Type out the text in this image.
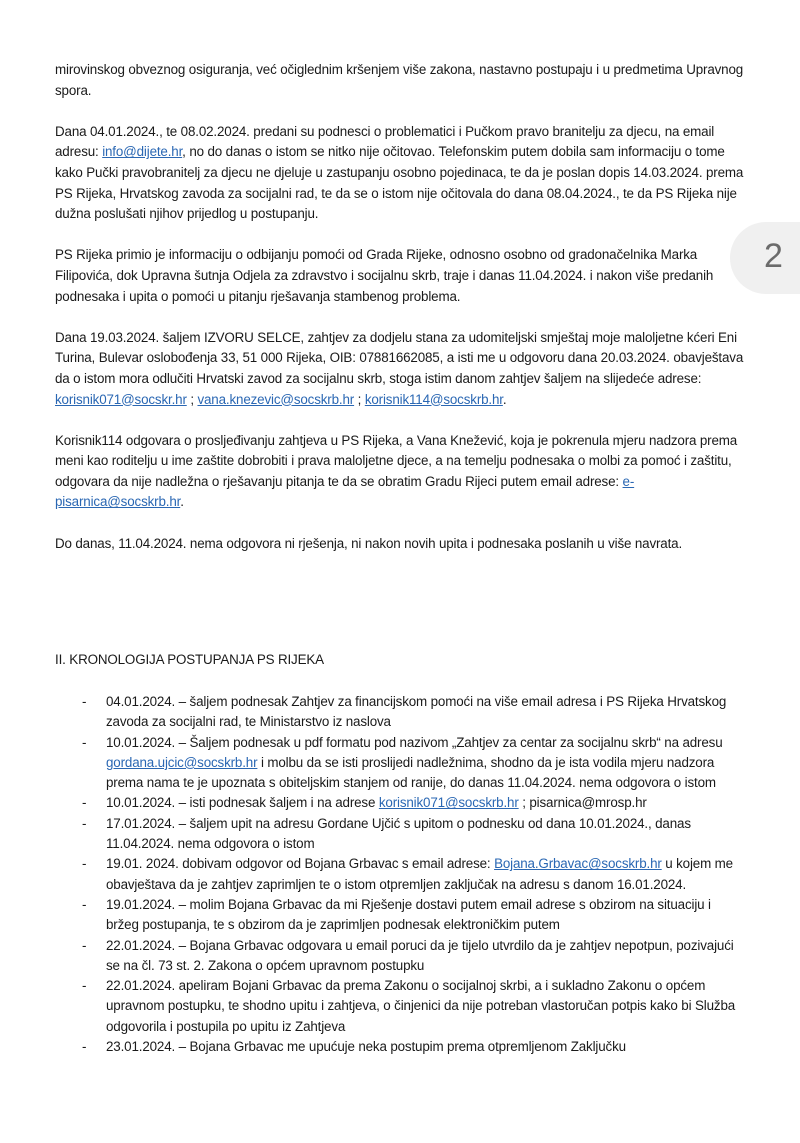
mirovinskog obveznog osiguranja, već očiglednim kršenjem više zakona, nastavno postupaju i u predmetima Upravnog spora.

Dana 04.01.2024., te 08.02.2024. predani su podnesci o problematici i Pučkom pravo branitelju za djecu, na email adresu: info@dijete.hr, no do danas o istom se nitko nije očitovao. Telefonskim putem dobila sam informaciju o tome kako Pučki pravobranitelj za djecu ne djeluje u zastupanju osobno pojedinaca, te da je poslan dopis 14.03.2024. prema PS Rijeka, Hrvatskog zavoda za socijalni rad, te da se o istom nije očitovala do dana 08.04.2024., te da PS Rijeka nije dužna poslušati njihov prijedlog u postupanju.

PS Rijeka primio je informaciju o odbijanju pomoći od Grada Rijeke, odnosno osobno od gradonačelnika Marka Filipovića, dok Upravna šutnja Odjela za zdravstvo i socijalnu skrb, traje i danas 11.04.2024. i nakon više predanih podnesaka i upita o pomoći u pitanju rješavanja stambenog problema.

Dana 19.03.2024. šaljem IZVORU SELCE, zahtjev za dodjelu stana za udomiteljski smještaj moje maloljetne kćeri Eni Turina, Bulevar oslobođenja 33, 51 000 Rijeka, OIB: 07881662085, a isti me u odgovoru dana 20.03.2024. obavještava da o istom mora odlučiti Hrvatski zavod za socijalnu skrb, stoga istim danom zahtjev šaljem na slijedeće adrese: korisnik071@socskr.hr ; vana.knezevic@socskrb.hr ; korisnik114@socskrb.hr.

Korisnik114 odgovara o prosljeđivanju zahtjeva u PS Rijeka, a Vana Knežević, koja je pokrenula mjeru nadzora prema meni kao roditelju u ime zaštite dobrobiti i prava maloljetne djece, a na temelju podnesaka o molbi za pomoć i zaštitu, odgovara da nije nadležna o rješavanju pitanja te da se obratim Gradu Rijeci putem email adrese: e-pisarnica@socskrb.hr.

Do danas, 11.04.2024. nema odgovora ni rješenja, ni nakon novih upita i podnesaka poslanih u više navrata.

II. KRONOLOGIJA POSTUPANJA PS RIJEKA
- 04.01.2024. – šaljem podnesak Zahtjev za financijskom pomoći na više email adresa i PS Rijeka Hrvatskog zavoda za socijalni rad, te Ministarstvo iz naslova
- 10.01.2024. – Šaljem podnesak u pdf formatu pod nazivom „Zahtjev za centar za socijalnu skrb“ na adresu gordana.ujcic@socskrb.hr i molbu da se isti proslijedi nadležnima, shodno da je ista vodila mjeru nadzora prema nama te je upoznata s obiteljskim stanjem od ranije, do danas 11.04.2024. nema odgovora o istom
- 10.01.2024. – isti podnesak šaljem i na adrese korisnik071@socskrb.hr ; pisarnica@mrosp.hr
- 17.01.2024. – šaljem upit na adresu Gordane Ujčić s upitom o podnesku od dana 10.01.2024., danas 11.04.2024. nema odgovora o istom
- 19.01. 2024. dobivam odgovor od Bojana Grbavac s email adrese: Bojana.Grbavac@socskrb.hr u kojem me obavještava da je zahtjev zaprimljen te o istom otpremljen zaključak na adresu s danom 16.01.2024.
- 19.01.2024. – molim Bojana Grbavac da mi Rješenje dostavi putem email adrese s obzirom na situaciju i bržeg postupanja, te s obzirom da je zaprimljen podnesak elektroničkim putem
- 22.01.2024. – Bojana Grbavac odgovara u email poruci da je tijelo utvrdilo da je zahtjev nepotpun, pozivajući se na čl. 73 st. 2. Zakona o općem upravnom postupku
- 22.01.2024. apeliram Bojani Grbavac da prema Zakonu o socijalnoj skrbi, a i sukladno Zakonu o općem upravnom postupku, te shodno upitu i zahtjeva, o činjenici da nije potreban vlastoručan potpis kako bi Služba odgovorila i postupila po upitu iz Zahtjeva
- 23.01.2024. – Bojana Grbavac me upućuje neka postupim prema otpremljenom Zaključku
2
